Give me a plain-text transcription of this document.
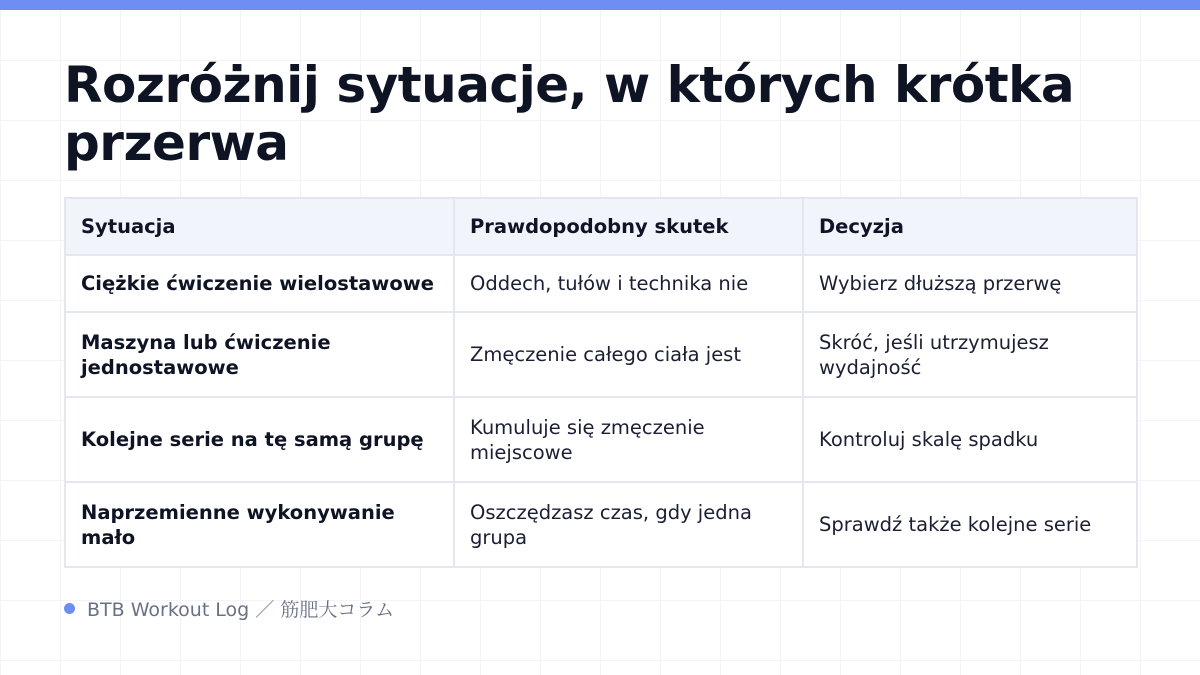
Rozróżnij sytuacje, w których krótka przerwa
Sytuacja	Prawdopodobny skutek	Decyzja
Ciężkie ćwiczenie wielostawowe	Oddech, tułów i technika nie	Wybierz dłuższą przerwę
Maszyna lub ćwiczenie jednostawowe	Zmęczenie całego ciała jest	Skróć, jeśli utrzymujesz wydajność
Kolejne serie na tę samą grupę	Kumuluje się zmęczenie miejscowe	Kontroluj skalę spadku
Naprzemienne wykonywanie mało	Oszczędzasz czas, gdy jedna grupa	Sprawdź także kolejne serie
BTB Workout Log ／ 筋肥大コラム
